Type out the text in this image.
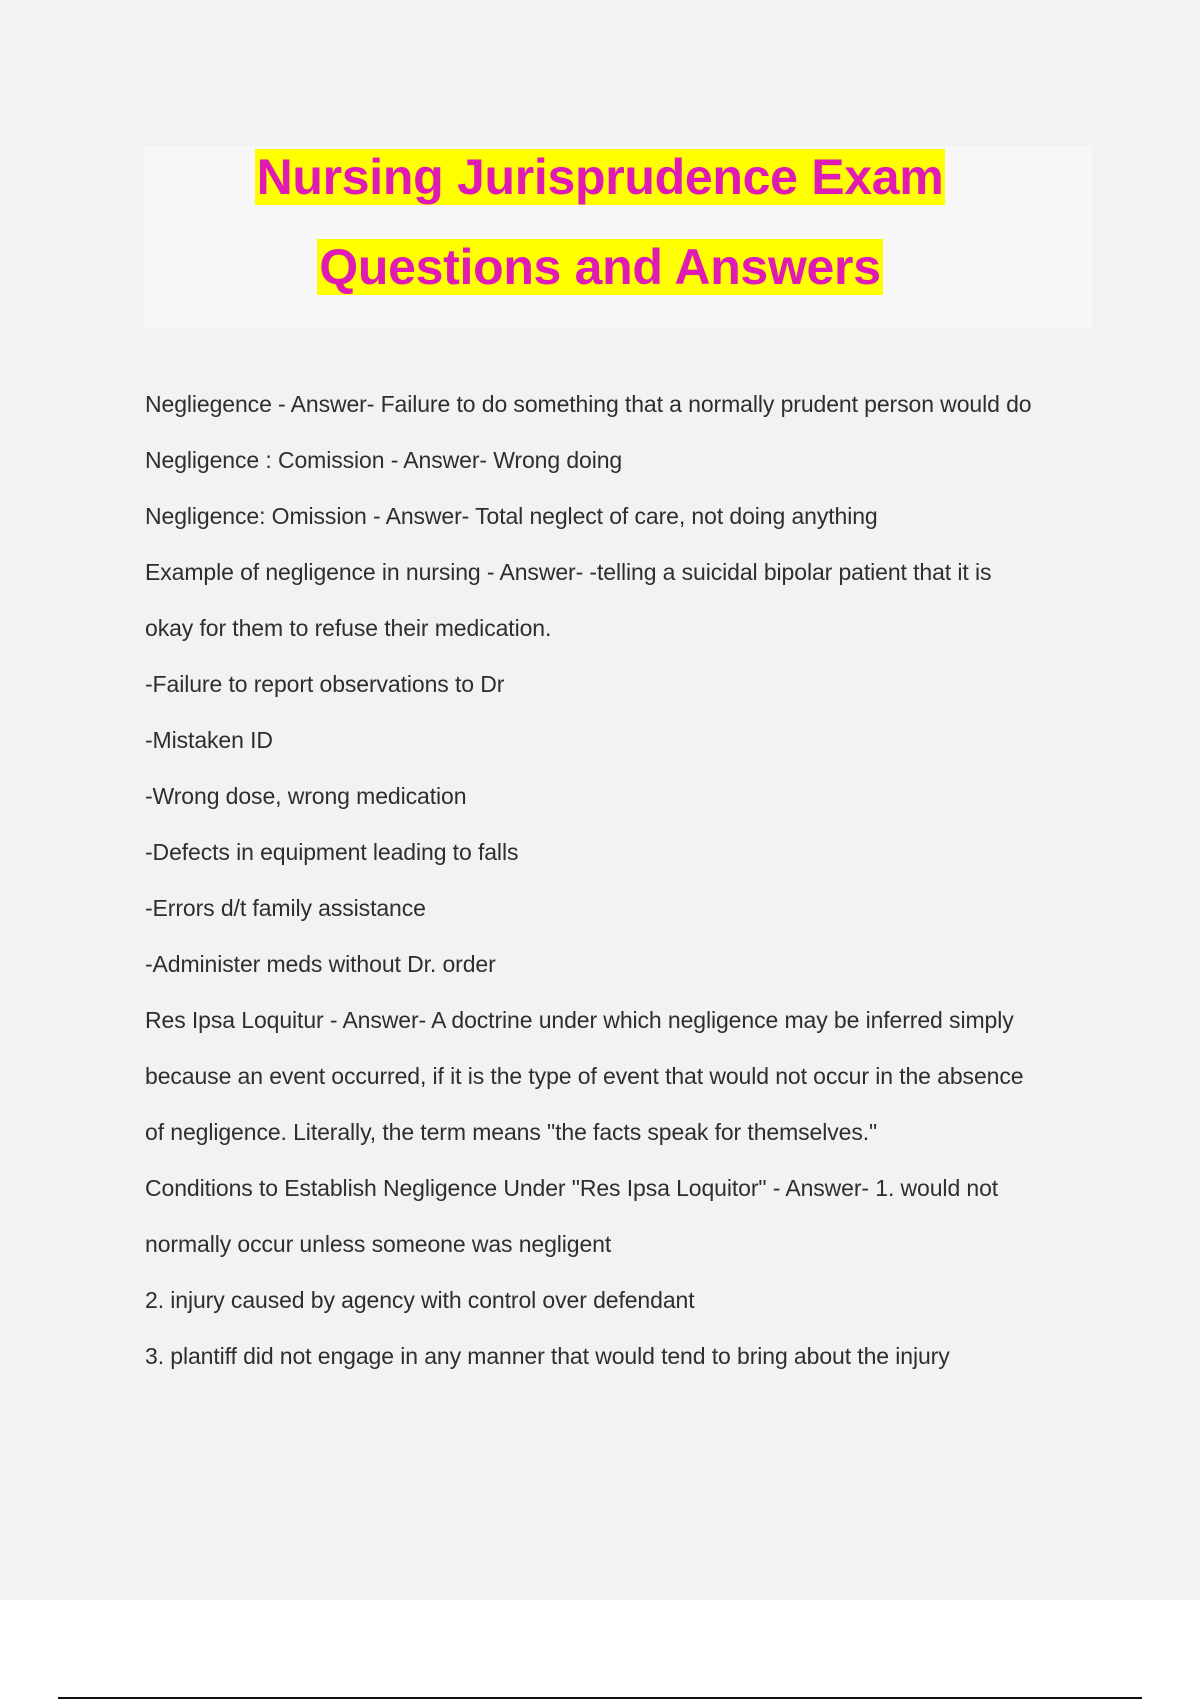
Nursing Jurisprudence Exam
Questions and Answers
Negliegence - Answer- Failure to do something that a normally prudent person would do
Negligence : Comission - Answer- Wrong doing
Negligence: Omission - Answer- Total neglect of care, not doing anything
Example of negligence in nursing - Answer- -telling a suicidal bipolar patient that it is
okay for them to refuse their medication.
-Failure to report observations to Dr
-Mistaken ID
-Wrong dose, wrong medication
-Defects in equipment leading to falls
-Errors d/t family assistance
-Administer meds without Dr. order
Res Ipsa Loquitur - Answer- A doctrine under which negligence may be inferred simply
because an event occurred, if it is the type of event that would not occur in the absence
of negligence. Literally, the term means "the facts speak for themselves."
Conditions to Establish Negligence Under "Res Ipsa Loquitor" - Answer- 1. would not
normally occur unless someone was negligent
2. injury caused by agency with control over defendant
3. plantiff did not engage in any manner that would tend to bring about the injury
